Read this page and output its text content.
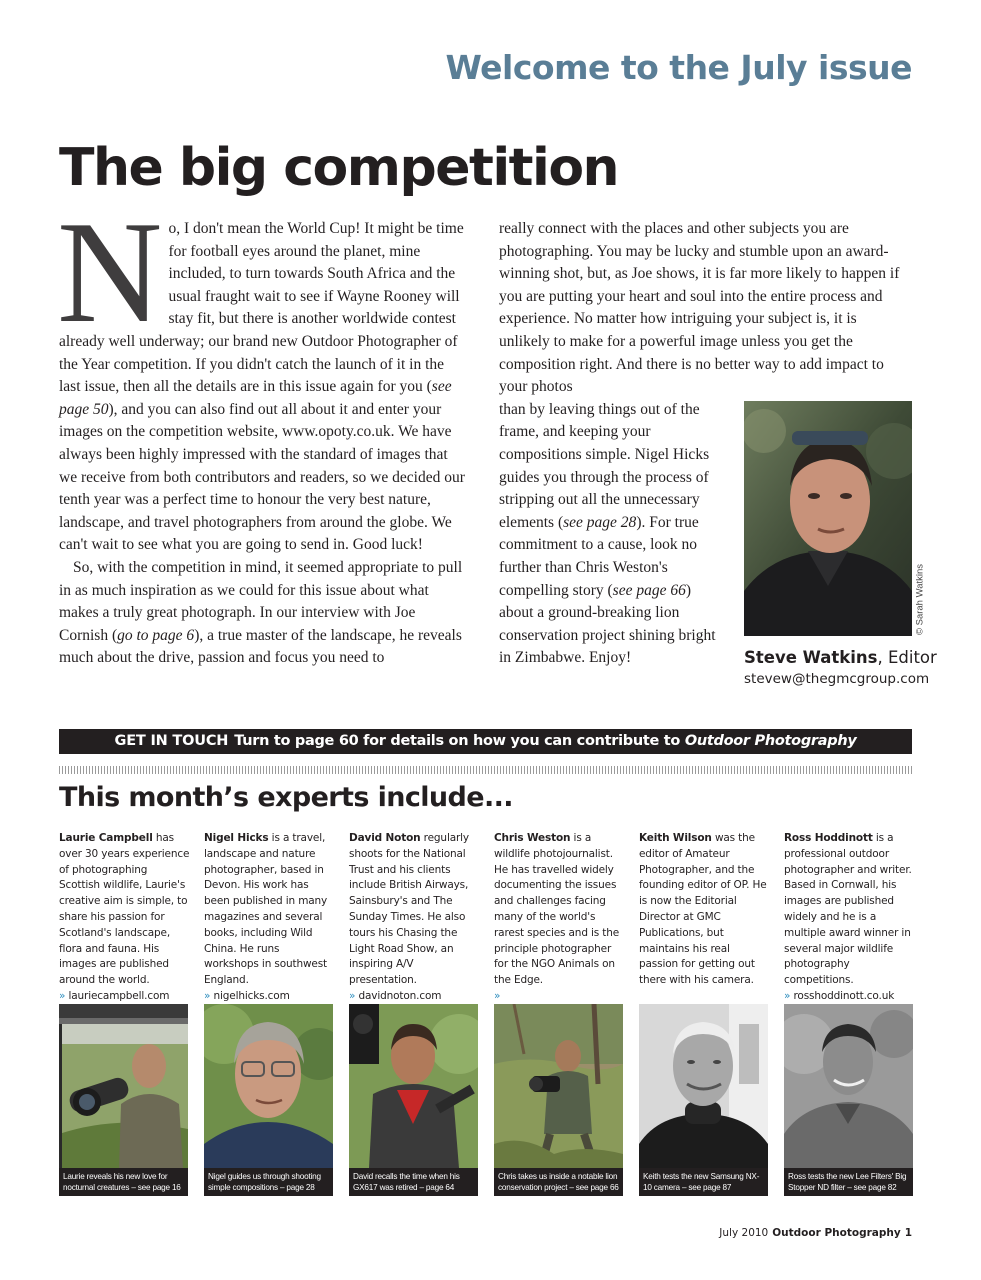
Welcome to the July issue
The big competition

No, I don't mean the World Cup! It might be time for football eyes around the planet, mine included, to turn towards South Africa and the usual fraught wait to see if Wayne Rooney will stay fit, but there is another worldwide contest already well underway; our brand new Outdoor Photographer of the Year competition. If you didn't catch the launch of it in the last issue, then all the details are in this issue again for you (see page 50), and you can also find out all about it and enter your images on the competition website, www.opoty.co.uk. We have always been highly impressed with the standard of images that we receive from both contributors and readers, so we decided our tenth year was a perfect time to honour the very best nature, landscape, and travel photographers from around the globe. We can't wait to see what you are going to send in. Good luck!

So, with the competition in mind, it seemed appropriate to pull in as much inspiration as we could for this issue about what makes a truly great photograph. In our interview with Joe Cornish (go to page 6), a true master of the landscape, he reveals much about the drive, passion and focus you need to

really connect with the places and other subjects you are photographing. You may be lucky and stumble upon an award-winning shot, but, as Joe shows, it is far more likely to happen if you are putting your heart and soul into the entire process and experience. No matter how intriguing your subject is, it is unlikely to make for a powerful image unless you get the composition right. And there is no better way to add impact to your photos

than by leaving things out of the frame, and keeping your compositions simple. Nigel Hicks guides you through the process of stripping out all the unnecessary elements (see page 28). For true commitment to a cause, look no further than Chris Weston's compelling story (see page 66) about a ground-breaking lion conservation project shining bright in Zimbabwe. Enjoy!

© Sarah Watkins
Steve Watkins, Editor
stevew@thegmcgroup.com
GET IN TOUCH Turn to page 60 for details on how you can contribute to Outdoor Photography
This month’s experts include...
Laurie Campbell has over 30 years experience of photographing Scottish wildlife, Laurie's creative aim is simple, to share his passion for Scotland's landscape, flora and fauna. His images are published around the world.
» lauriecampbell.com
Nigel Hicks is a travel, landscape and nature photographer, based in Devon. His work has been published in many magazines and several books, including Wild China. He runs workshops in southwest England.
» nigelhicks.com
David Noton regularly shoots for the National Trust and his clients include British Airways, Sainsbury's and The Sunday Times. He also tours his Chasing the Light Road Show, an inspiring A/V presentation.
» davidnoton.com
Chris Weston is a wildlife photojournalist. He has travelled widely documenting the issues and challenges facing many of the world's rarest species and is the principle photographer for the NGO Animals on the Edge.
»
Keith Wilson was the editor of Amateur Photographer, and the founding editor of OP. He is now the Editorial Director at GMC Publications, but maintains his real passion for getting out there with his camera.
Ross Hoddinott is a professional outdoor photographer and writer. Based in Cornwall, his images are published widely and he is a multiple award winner in several major wildlife photography competitions.
» rosshoddinott.co.uk
Laurie reveals his new love for nocturnal creatures – see page 16
Nigel guides us through shooting simple compositions – page 28
David recalls the time when his GX617 was retired – page 64
Chris takes us inside a notable lion conservation project – see page 66
Keith tests the new Samsung NX-10 camera – see page 87
Ross tests the new Lee Filters' Big Stopper ND filter – see page 82
July 2010 Outdoor Photography 1
